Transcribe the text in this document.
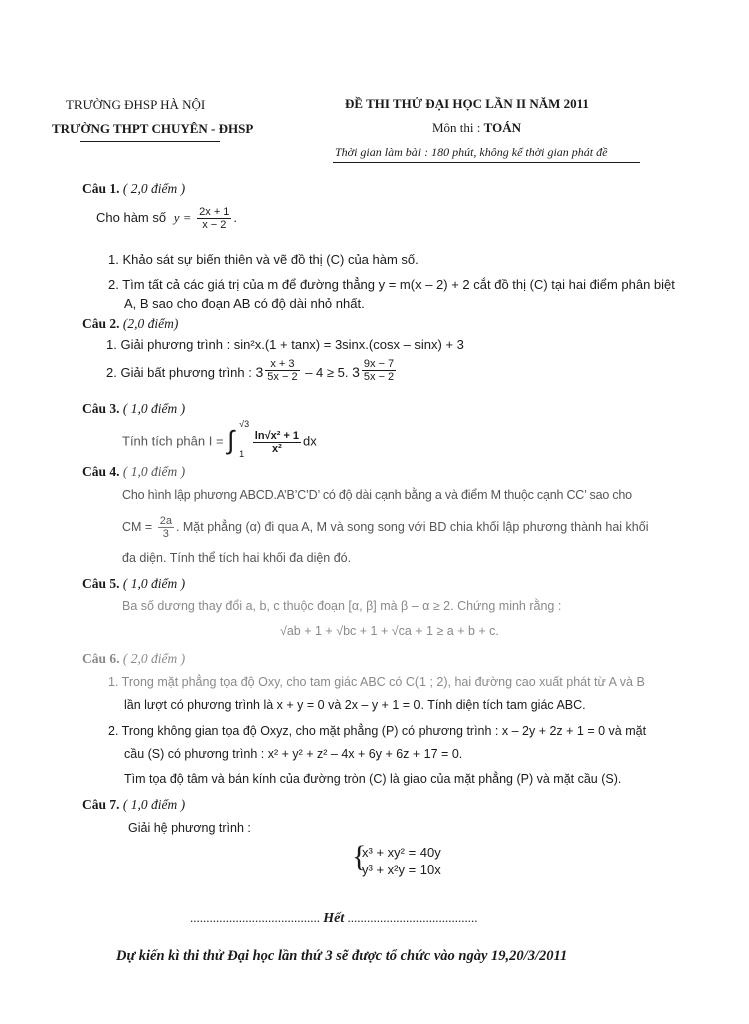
TRƯỜNG ĐHSP HÀ NỘI
TRƯỜNG THPT CHUYÊN - ĐHSP
ĐỀ THI THỬ ĐẠI HỌC LẦN II NĂM 2011
Môn thi : TOÁN
Thời gian làm bài : 180 phút, không kể thời gian phát đề
Câu 1. ( 2,0 điểm )
Cho hàm số $y = \frac{2x + 1}{x - 2}$ .
1. Khảo sát sự biến thiên và vẽ đồ thị (C) của hàm số.
2. Tìm tất cả các giá trị của m để đường thẳng y = m(x – 2) + 2 cắt đồ thị (C) tại hai điểm phân biệt
A, B sao cho đoạn AB có độ dài nhỏ nhất.
Câu 2. (2,0 điểm)
1. Giải phương trình : sin²x.(1 + tanx) = 3sinx.(cosx – sinx) + 3
2. Giải bất phương trình : $3 \frac{x + 3}{5x - 2} - 4 \ge 5$. $3 \frac{9x - 7}{5x - 2}$
Câu 3. ( 1,0 điểm )
Tính tích phân I = ∫
√3
1
$\frac{\text{ln√x² + 1}}{\text{x²}}$ dx
Câu 4. ( 1,0 điểm )
Cho hình lập phương ABCD.A’B’C’D’ có độ dài cạnh bằng a và điểm M thuộc cạnh CC’ sao cho
CM = $\frac{2a}{3}$ . Mặt phẳng (α) đi qua A, M và song song với BD chia khối lập phương thành hai khối
đa diện. Tính thể tích hai khối đa diện đó.
Câu 5. ( 1,0 điểm )
Ba số dương thay đổi a, b, c thuộc đoạn [α, β] mà β – α ≥ 2. Chứng minh rằng :
√ab + 1 + √bc + 1 + √ca + 1 ≥ a + b + c.
Câu 6. ( 2,0 điểm )
1. Trong mặt phẳng tọa độ Oxy, cho tam giác ABC có C(1 ; 2), hai đường cao xuất phát từ A và B
lần lượt có phương trình là x + y = 0 và 2x – y + 1 = 0. Tính diện tích tam giác ABC.
2. Trong không gian tọa độ Oxyz, cho mặt phẳng (P) có phương trình : x – 2y + 2z + 1 = 0 và mặt
cầu (S) có phương trình : x² + y² + z² – 4x + 6y + 6z + 17 = 0.
Tìm tọa độ tâm và bán kính của đường tròn (C) là giao của mặt phẳng (P) và mặt cầu (S).
Câu 7. ( 1,0 điểm )
Giải hệ phương trình :
{
x³ + xy² = 40y
y³ + x²y = 10x
........................................ Hết ........................................
Dự kiến kì thi thử Đại học lần thứ 3 sẽ được tổ chức vào ngày 19,20/3/2011
